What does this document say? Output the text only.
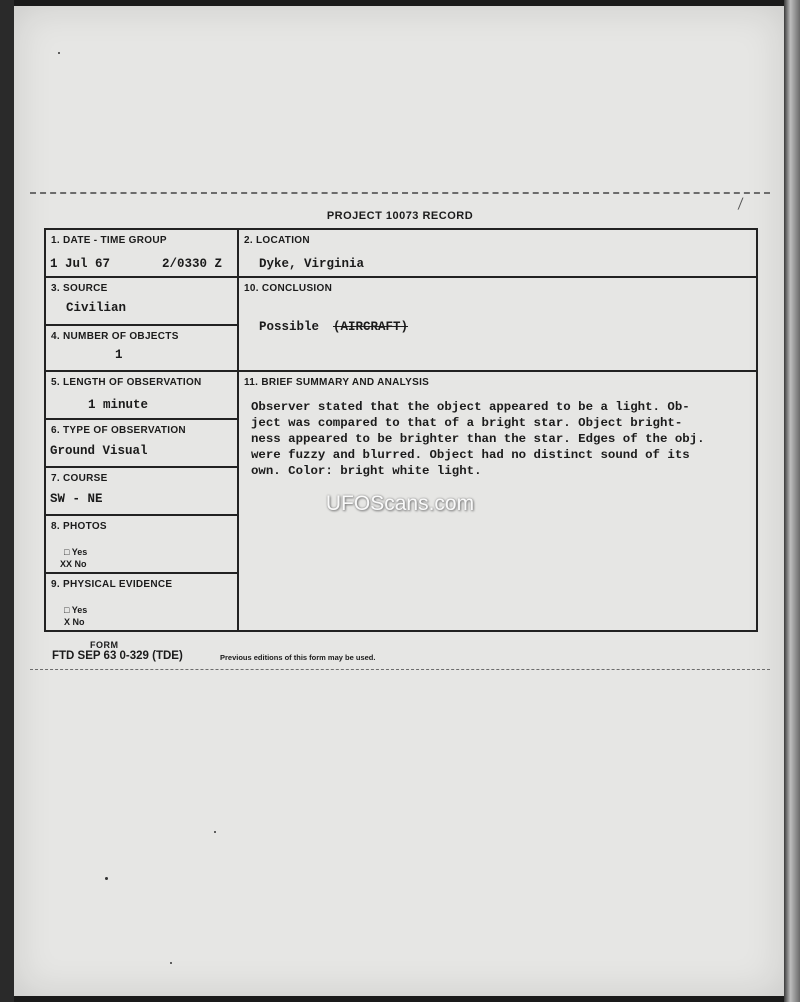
PROJECT 10073 RECORD
⁄
1. DATE - TIME GROUP
1 Jul 67	2/0330 Z
2. LOCATION
Dyke, Virginia
3. SOURCE
Civilian
10. CONCLUSION
Possible (AIRCRAFT)
4. NUMBER OF OBJECTS
1
5. LENGTH OF OBSERVATION
1 minute
11. BRIEF SUMMARY AND ANALYSIS
Observer stated that the object appeared to be a light. Ob-
ject was compared to that of a bright star. Object bright-
ness appeared to be brighter than the star. Edges of the obj.
were fuzzy and blurred. Object had no distinct sound of its
own. Color: bright white light.
6. TYPE OF OBSERVATION
Ground Visual
7. COURSE
SW - NE
8. PHOTOS
□ Yes
XX No
9. PHYSICAL EVIDENCE
□ Yes
X No
FORM
FTD SEP 63 0-329 (TDE)	Previous editions of this form may be used.
UFOScans.com
